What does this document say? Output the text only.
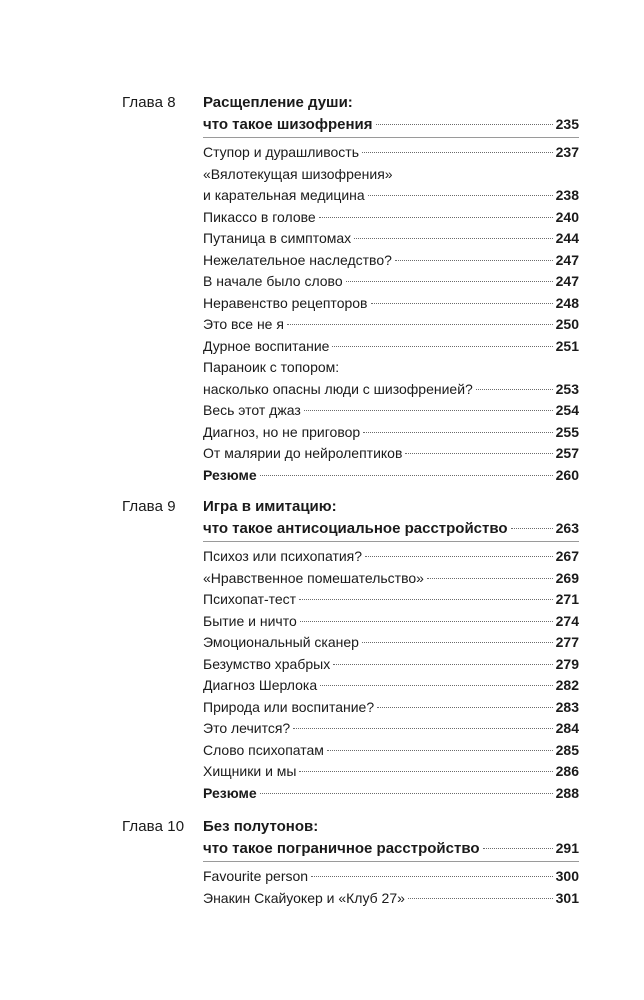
Глава 8 Расщепление души:
что такое шизофрения	235
Ступор и дурашливость	237
«Вялотекущая шизофрения»
и карательная медицина	238
Пикассо в голове	240
Путаница в симптомах	244
Нежелательное наследство?	247
В начале было слово	247
Неравенство рецепторов	248
Это все не я	250
Дурное воспитание	251
Параноик с топором:
насколько опасны люди с шизофренией?	253
Весь этот джаз	254
Диагноз, но не приговор	255
От малярии до нейролептиков	257
Резюме	260
Глава 9 Игра в имитацию:
что такое антисоциальное расстройство	263
Психоз или психопатия?	267
«Нравственное помешательство»	269
Психопат-тест	271
Бытие и ничто	274
Эмоциональный сканер	277
Безумство храбрых	279
Диагноз Шерлока	282
Природа или воспитание?	283
Это лечится?	284
Слово психопатам	285
Хищники и мы	286
Резюме	288
Глава 10 Без полутонов:
что такое пограничное расстройство	291
Favourite person	300
Энакин Скайуокер и «Клуб 27»	301
